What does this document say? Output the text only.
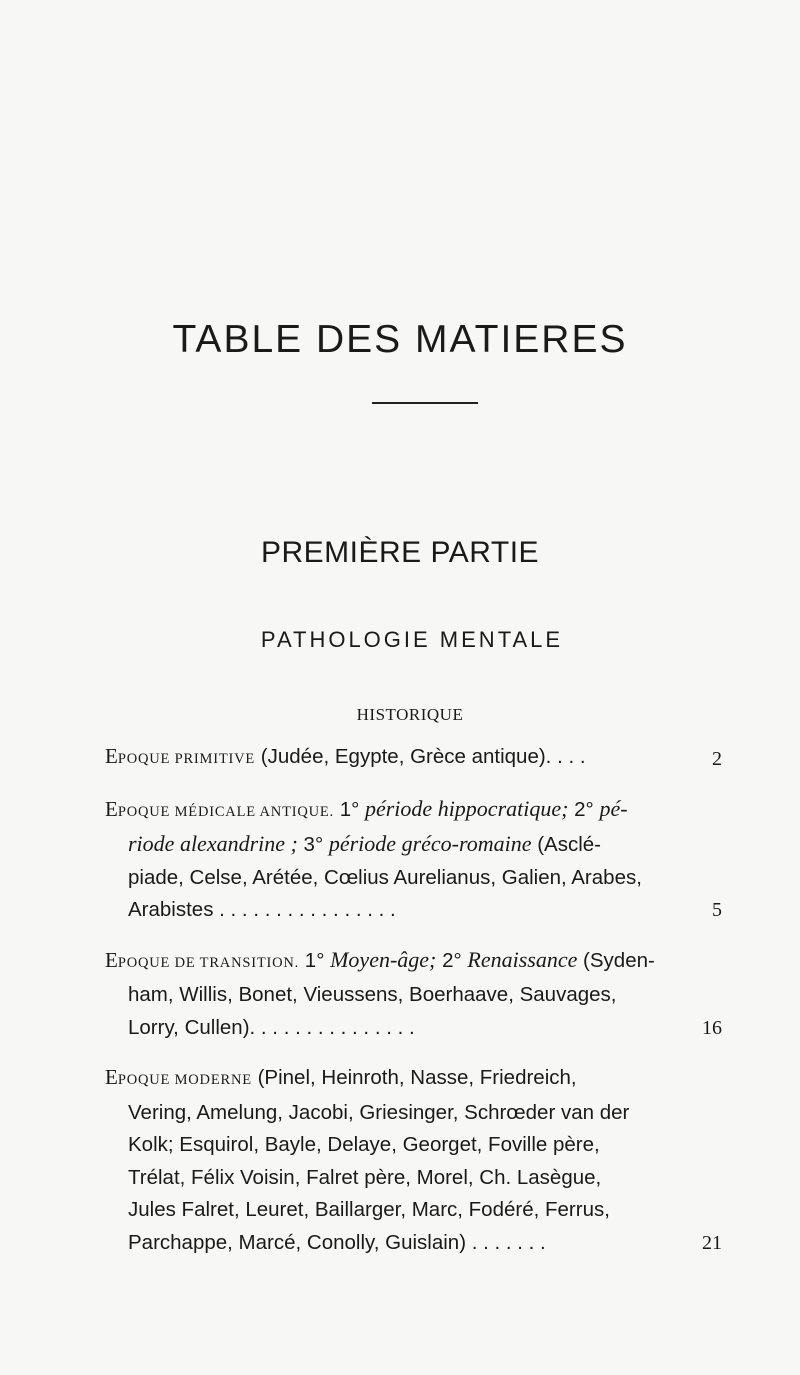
TABLE DES MATIERES
PREMIÈRE PARTIE
PATHOLOGIE MENTALE
HISTORIQUE
EPOQUE PRIMITIVE (Judée, Egypte, Grèce antique). . . .	2
EPOQUE MÉDICALE ANTIQUE. 1° période hippocratique; 2° pé-
riode alexandrine ; 3° période gréco-romaine (Asclé-
piade, Celse, Arétée, Cœlius Aurelianus, Galien, Arabes,
Arabistes . . . . . . . . . . . . . . . .	5
EPOQUE DE TRANSITION. 1° Moyen-âge; 2° Renaissance (Syden-
ham, Willis, Bonet, Vieussens, Boerhaave, Sauvages,
Lorry, Cullen). . . . . . . . . . . . . . .	16
EPOQUE MODERNE (Pinel, Heinroth, Nasse, Friedreich,
Vering, Amelung, Jacobi, Griesinger, Schrœder van der
Kolk; Esquirol, Bayle, Delaye, Georget, Foville père,
Trélat, Félix Voisin, Falret père, Morel, Ch. Lasègue,
Jules Falret, Leuret, Baillarger, Marc, Fodéré, Ferrus,
Parchappe, Marcé, Conolly, Guislain) . . . . . . .	21
